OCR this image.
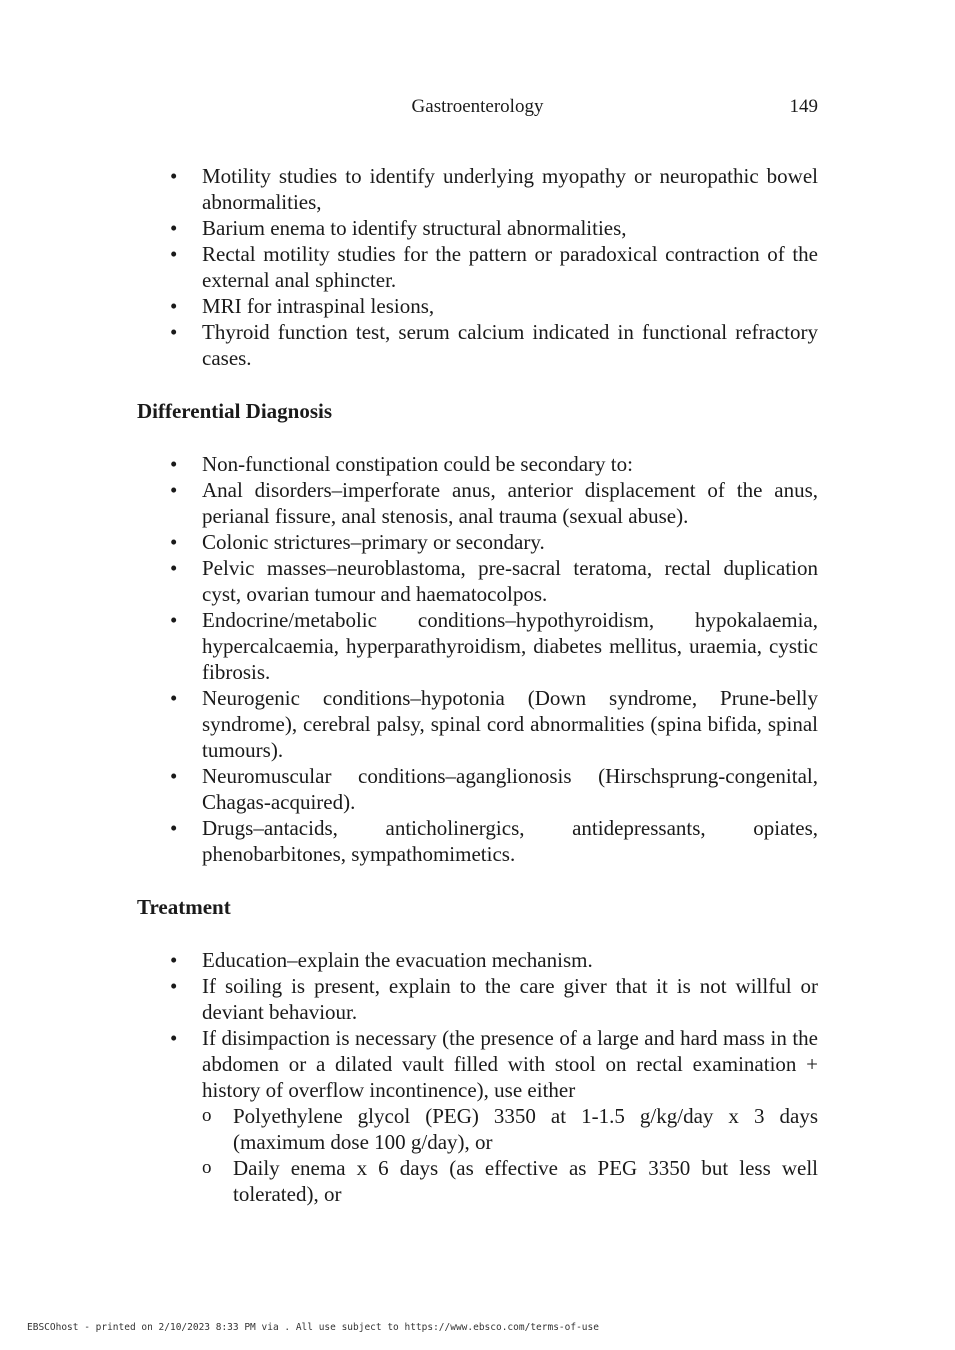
Gastroenterology	149
• Motility studies to identify underlying myopathy or neuropathic bowel abnormalities,
• Barium enema to identify structural abnormalities,
• Rectal motility studies for the pattern or paradoxical contraction of the external anal sphincter.
• MRI for intraspinal lesions,
• Thyroid function test, serum calcium indicated in functional refractory cases.
Differential Diagnosis
• Non-functional constipation could be secondary to:
• Anal disorders–imperforate anus, anterior displacement of the anus, perianal fissure, anal stenosis, anal trauma (sexual abuse).
• Colonic strictures–primary or secondary.
• Pelvic masses–neuroblastoma, pre-sacral teratoma, rectal duplication cyst, ovarian tumour and haematocolpos.
• Endocrine/metabolic conditions–hypothyroidism, hypokalaemia, hypercalcaemia, hyperparathyroidism, diabetes mellitus, uraemia, cystic fibrosis.
• Neurogenic conditions–hypotonia (Down syndrome, Prune-belly syndrome), cerebral palsy, spinal cord abnormalities (spina bifida, spinal tumours).
• Neuromuscular conditions–aganglionosis (Hirschsprung-congenital, Chagas-acquired).
• Drugs–antacids, anticholinergics, antidepressants, opiates, phenobarbitones, sympathomimetics.
Treatment
• Education–explain the evacuation mechanism.
• If soiling is present, explain to the care giver that it is not willful or deviant behaviour.
• If disimpaction is necessary (the presence of a large and hard mass in the abdomen or a dilated vault filled with stool on rectal examination + history of overflow incontinence), use either
o Polyethylene glycol (PEG) 3350 at 1-1.5 g/kg/day x 3 days (maximum dose 100 g/day), or
o Daily enema x 6 days (as effective as PEG 3350 but less well tolerated), or
EBSCOhost - printed on 2/10/2023 8:33 PM via . All use subject to https://www.ebsco.com/terms-of-use
